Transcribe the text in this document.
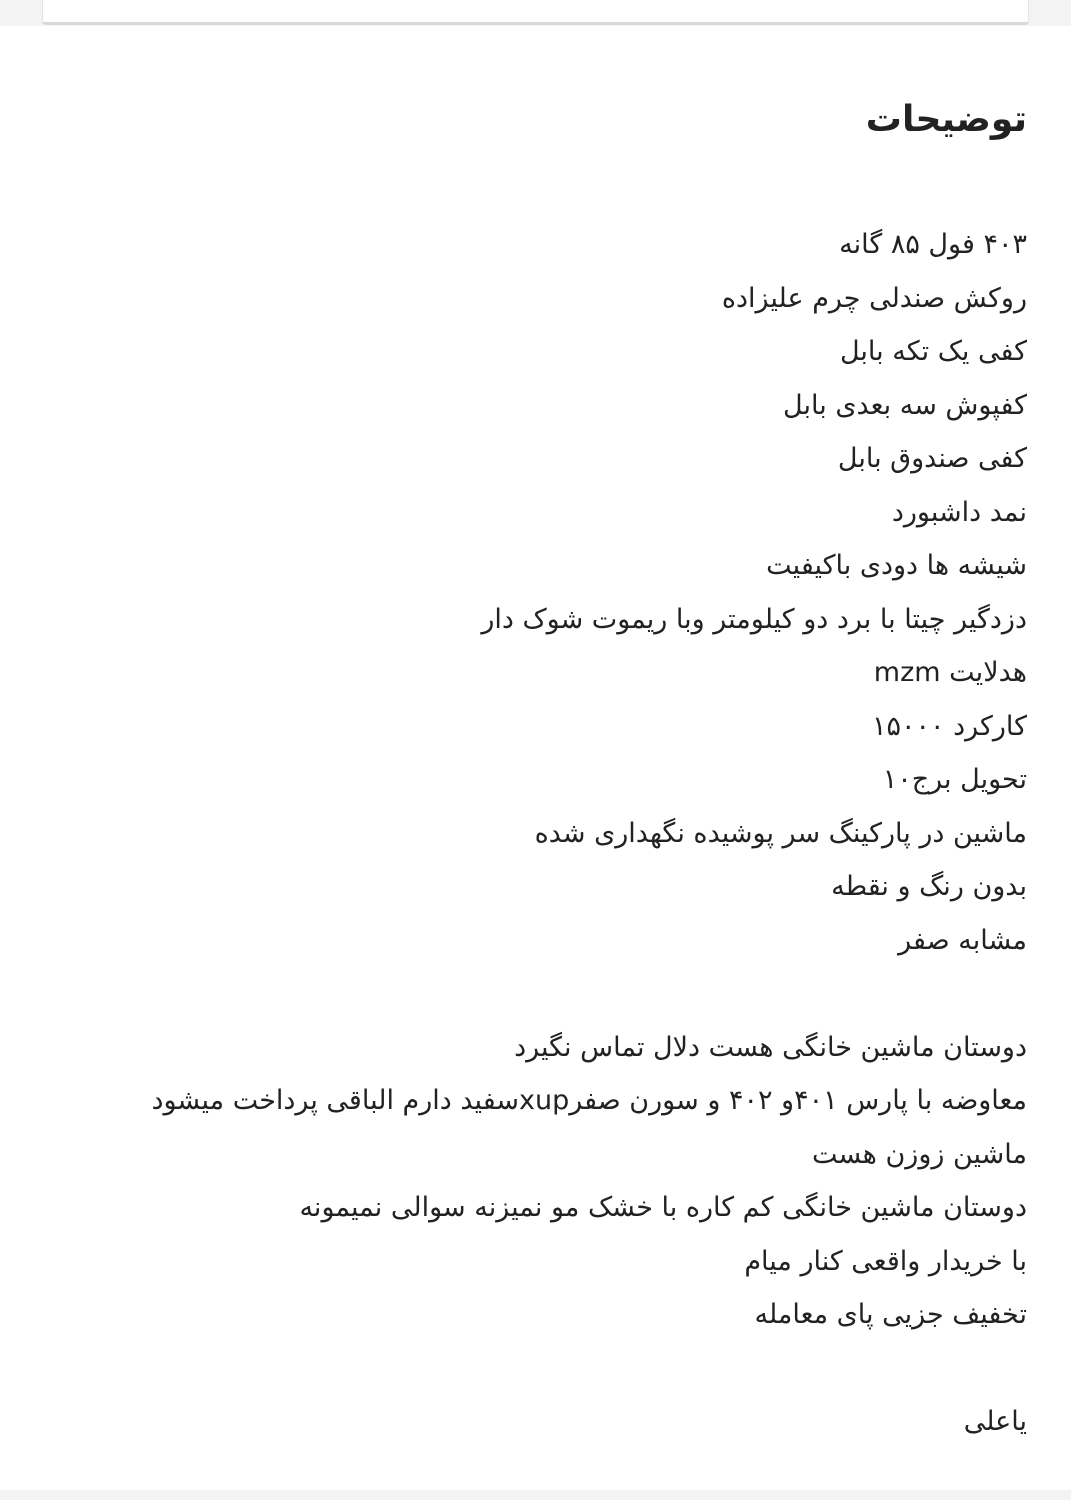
توضیحات
۴۰۳ فول ۸۵ گانه
روکش صندلی چرم علیزاده
کفی یک تکه بابل
کفپوش سه بعدی بابل
کفی صندوق بابل
نمد داشبورد
شیشه ها دودی باکیفیت
دزدگیر چیتا با برد دو کیلومتر وبا ریموت شوک دار
هدلایت mzm
کارکرد ۱۵۰۰۰
تحویل برج۱۰
ماشین در پارکینگ سر پوشیده نگهداری شده
بدون رنگ و نقطه
مشابه صفر
دوستان ماشین خانگی هست دلال تماس نگیرد
معاوضه با پارس ۴۰۱و ۴۰۲ و سورن صفرxupسفید دارم الباقی پرداخت میشود
ماشین زوزن هست
دوستان ماشین خانگی کم کاره با خشک مو نمیزنه سوالی نمیمونه
با خریدار واقعی کنار میام
تخفیف جزیی پای معامله
یاعلی
